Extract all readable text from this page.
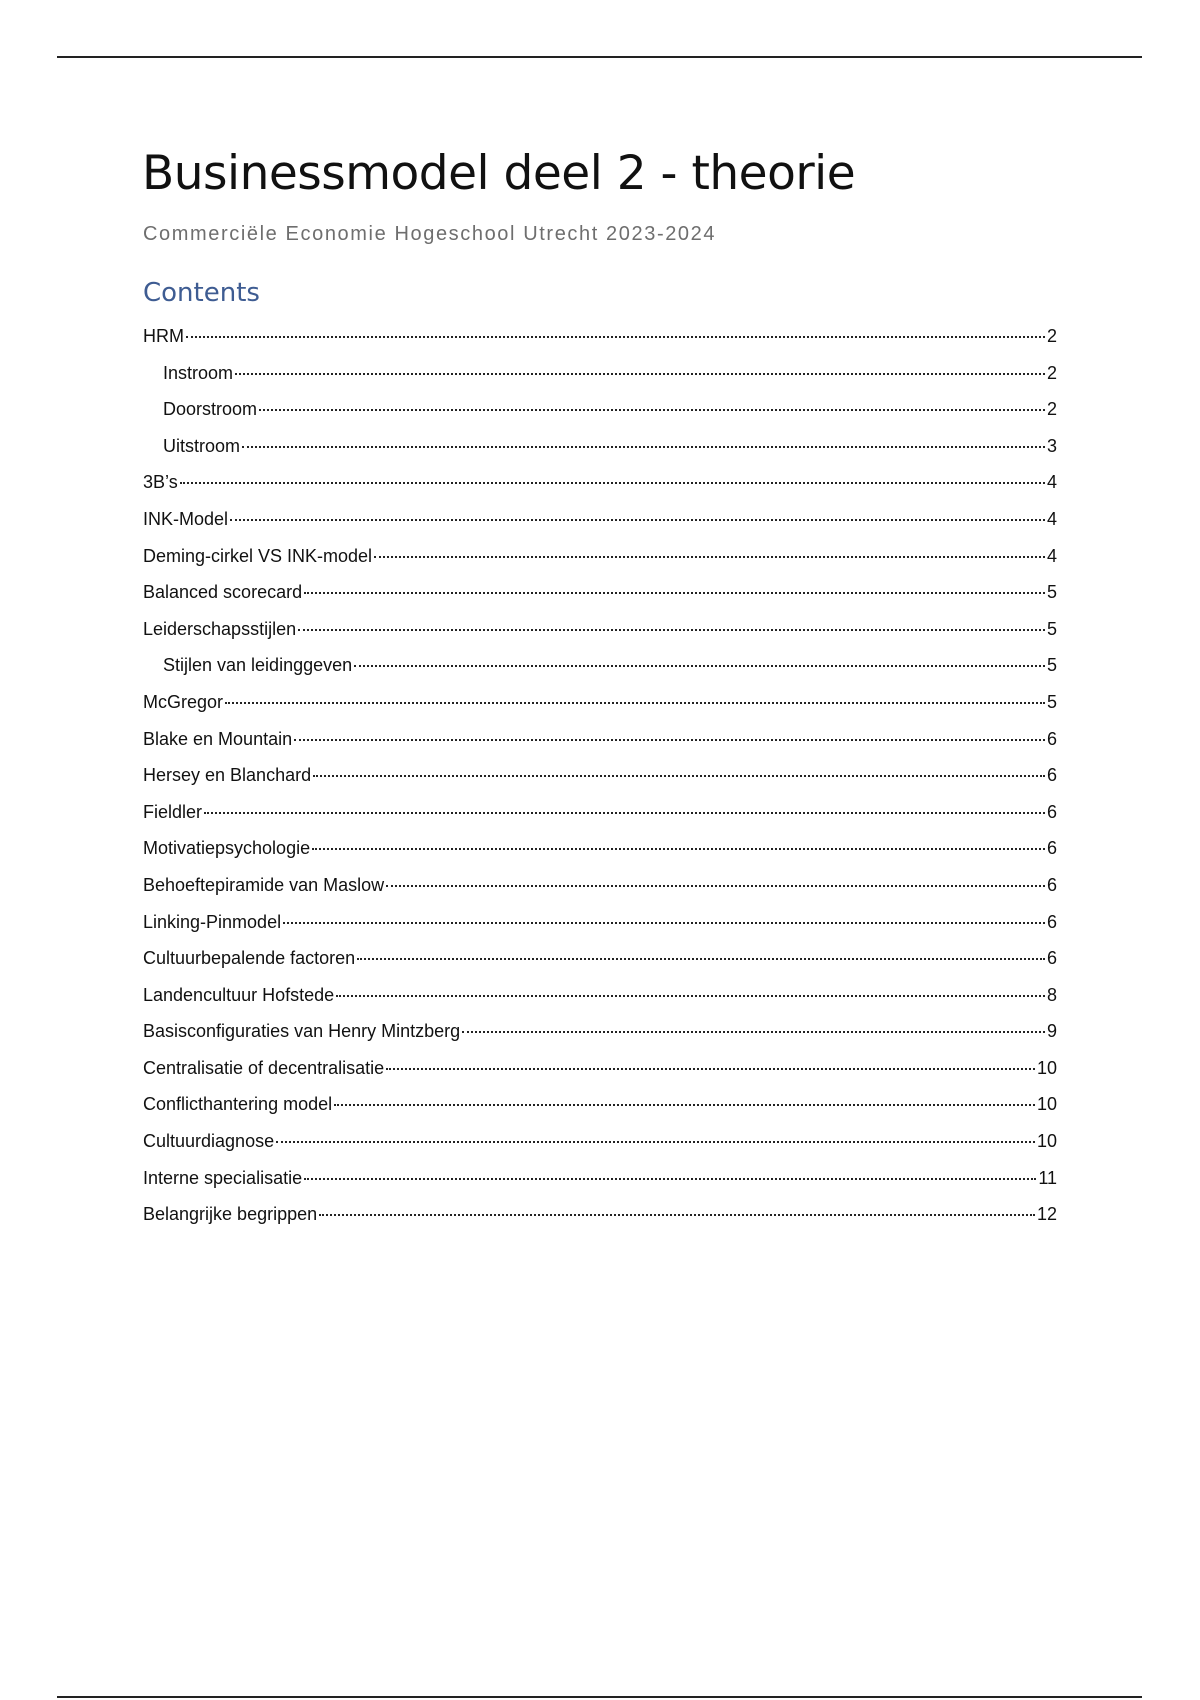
Businessmodel deel 2 - theorie

Commerciële Economie Hogeschool Utrecht 2023-2024

Contents
HRM	2
Instroom	2
Doorstroom	2
Uitstroom	3
3B’s	4
INK-Model	4
Deming-cirkel VS INK-model	4
Balanced scorecard	5
Leiderschapsstijlen	5
Stijlen van leidinggeven	5
McGregor	5
Blake en Mountain	6
Hersey en Blanchard	6
Fieldler	6
Motivatiepsychologie	6
Behoeftepiramide van Maslow	6
Linking-Pinmodel	6
Cultuurbepalende factoren	6
Landencultuur Hofstede	8
Basisconfiguraties van Henry Mintzberg	9
Centralisatie of decentralisatie	10
Conflicthantering model	10
Cultuurdiagnose	10
Interne specialisatie	11
Belangrijke begrippen	12
